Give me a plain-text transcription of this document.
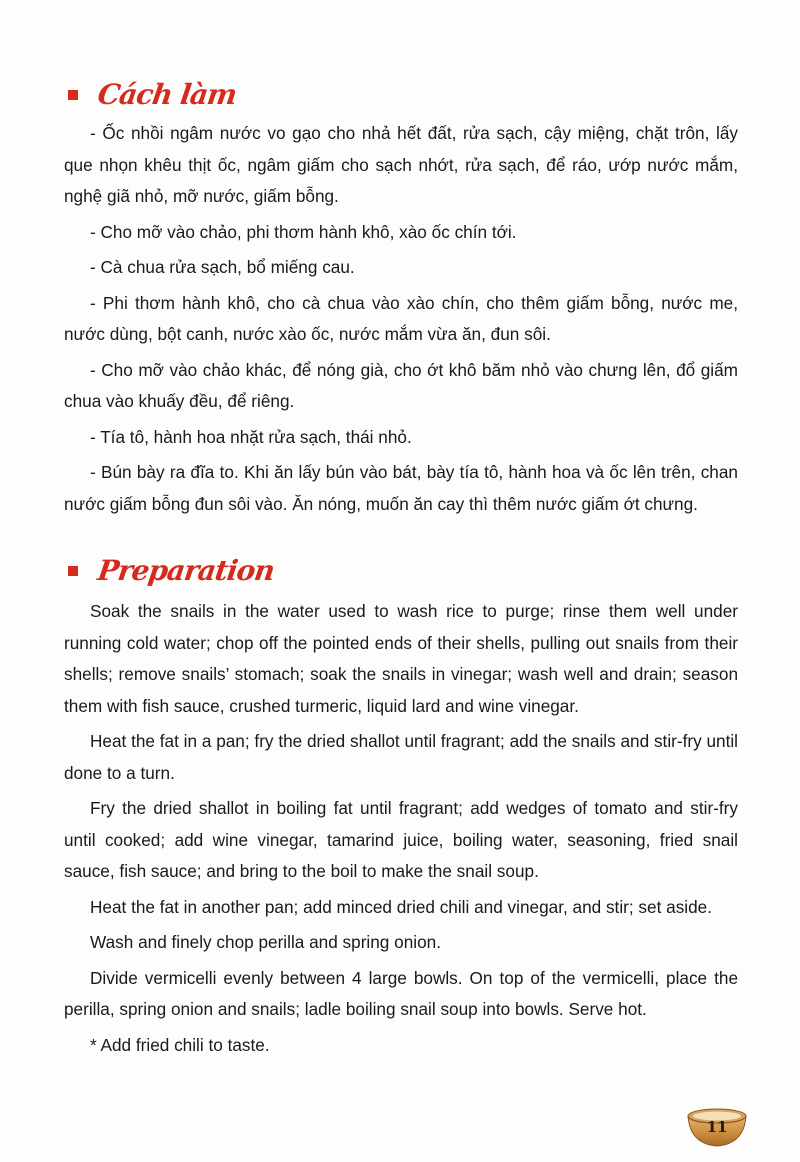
Cách làm

- Ốc nhồi ngâm nước vo gạo cho nhả hết đất, rửa sạch, cậy miệng, chặt trôn, lấy que nhọn khêu thịt ốc, ngâm giấm cho sạch nhớt, rửa sạch, để ráo, ướp nước mắm, nghệ giã nhỏ, mỡ nước, giấm bỗng.

- Cho mỡ vào chảo, phi thơm hành khô, xào ốc chín tới.

- Cà chua rửa sạch, bổ miếng cau.

- Phi thơm hành khô, cho cà chua vào xào chín, cho thêm giấm bỗng, nước me, nước dùng, bột canh, nước xào ốc, nước mắm vừa ăn, đun sôi.

- Cho mỡ vào chảo khác, để nóng già, cho ớt khô băm nhỏ vào chưng lên, đổ giấm chua vào khuấy đều, để riêng.

- Tía tô, hành hoa nhặt rửa sạch, thái nhỏ.

- Bún bày ra đĩa to. Khi ăn lấy bún vào bát, bày tía tô, hành hoa và ốc lên trên, chan nước giấm bỗng đun sôi vào. Ăn nóng, muốn ăn cay thì thêm nước giấm ớt chưng.

Preparation

Soak the snails in the water used to wash rice to purge; rinse them well under running cold water; chop off the pointed ends of their shells, pulling out snails from their shells; remove snails’ stomach; soak the snails in vinegar; wash well and drain; season them with fish sauce, crushed turmeric, liquid lard and wine vinegar.

Heat the fat in a pan; fry the dried shallot until fragrant; add the snails and stir-fry until done to a turn.

Fry the dried shallot in boiling fat until fragrant; add wedges of tomato and stir-fry until cooked; add wine vinegar, tamarind juice, boiling water, seasoning, fried snail sauce, fish sauce; and bring to the boil to make the snail soup.

Heat the fat in another pan; add minced dried chili and vinegar, and stir; set aside.

Wash and finely chop perilla and spring onion.

Divide vermicelli evenly between 4 large bowls. On top of the vermicelli, place the perilla, spring onion and snails; ladle boiling snail soup into bowls. Serve hot.

* Add fried chili to taste.

11
